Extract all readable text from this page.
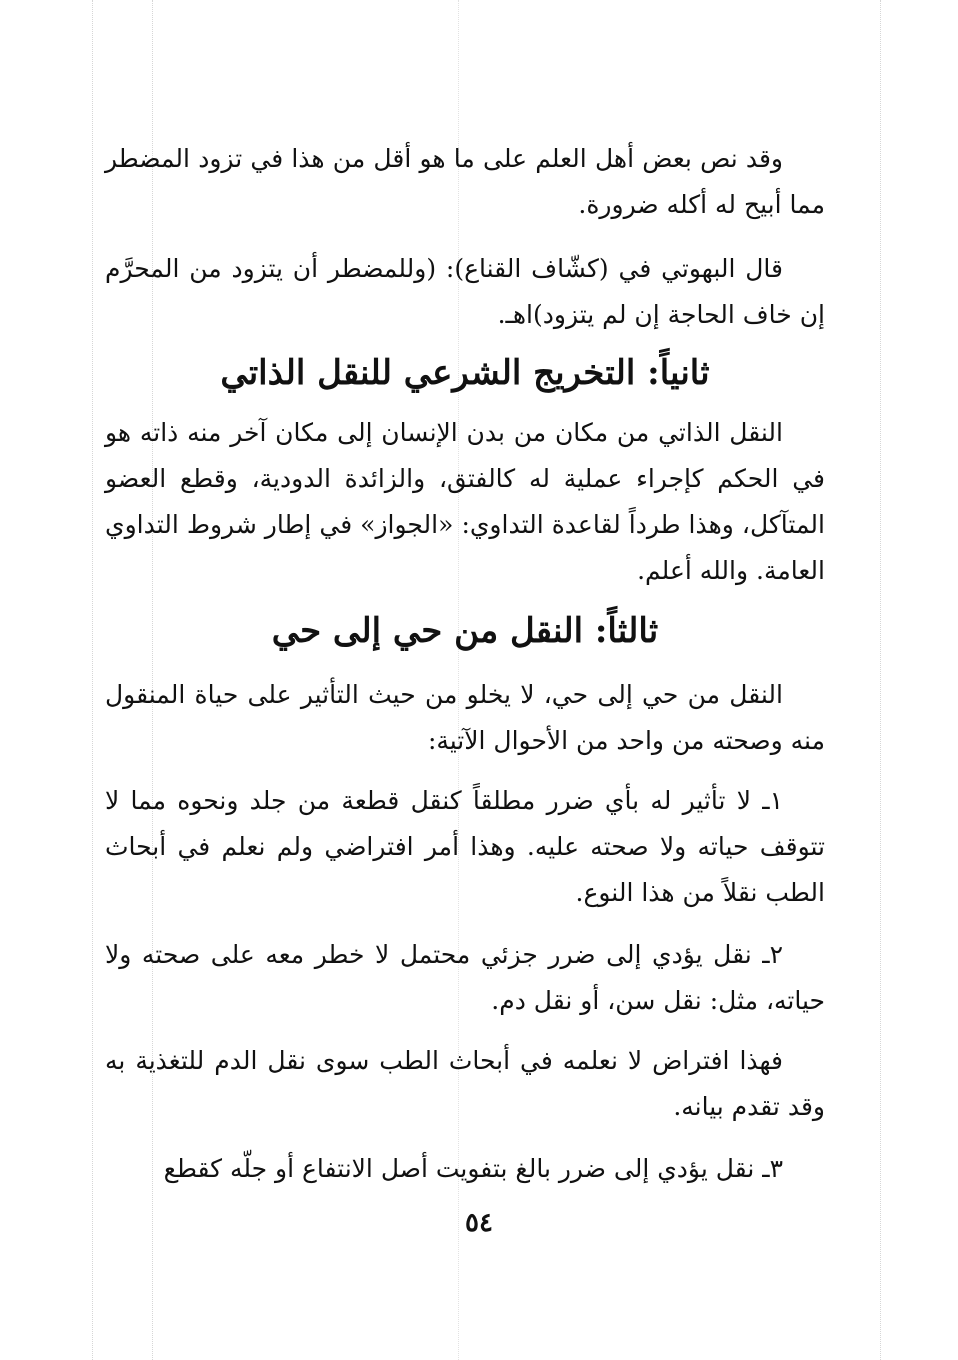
وقد نص بعض أهل العلم على ما هو أقل من هذا في تزود المضطر مما أبيح له أكله ضرورة.

قال البهوتي في (كشّاف القناع): (وللمضطر أن يتزود من المحرَّم إن خاف الحاجة إن لم يتزود)اهـ.

ثانياً: التخريج الشرعي للنقل الذاتي

النقل الذاتي من مكان من بدن الإنسان إلى مكان آخر منه ذاته هو في الحكم كإجراء عملية له كالفتق، والزائدة الدودية، وقطع العضو المتآكل، وهذا طرداً لقاعدة التداوي: «الجواز» في إطار شروط التداوي العامة. والله أعلم.

ثالثاً: النقل من حي إلى حي

النقل من حي إلى حي، لا يخلو من حيث التأثير على حياة المنقول منه وصحته من واحد من الأحوال الآتية:

١ـ لا تأثير له بأي ضرر مطلقاً كنقل قطعة من جلد ونحوه مما لا تتوقف حياته ولا صحته عليه. وهذا أمر افتراضي ولم نعلم في أبحاث الطب نقلاً من هذا النوع.

٢ـ نقل يؤدي إلى ضرر جزئي محتمل لا خطر معه على صحته ولا حياته، مثل: نقل سن، أو نقل دم.

فهذا افتراض لا نعلمه في أبحاث الطب سوى نقل الدم للتغذية به وقد تقدم بيانه.

٣ـ نقل يؤدي إلى ضرر بالغ بتفويت أصل الانتفاع أو جلّه كقطع

٥٤
